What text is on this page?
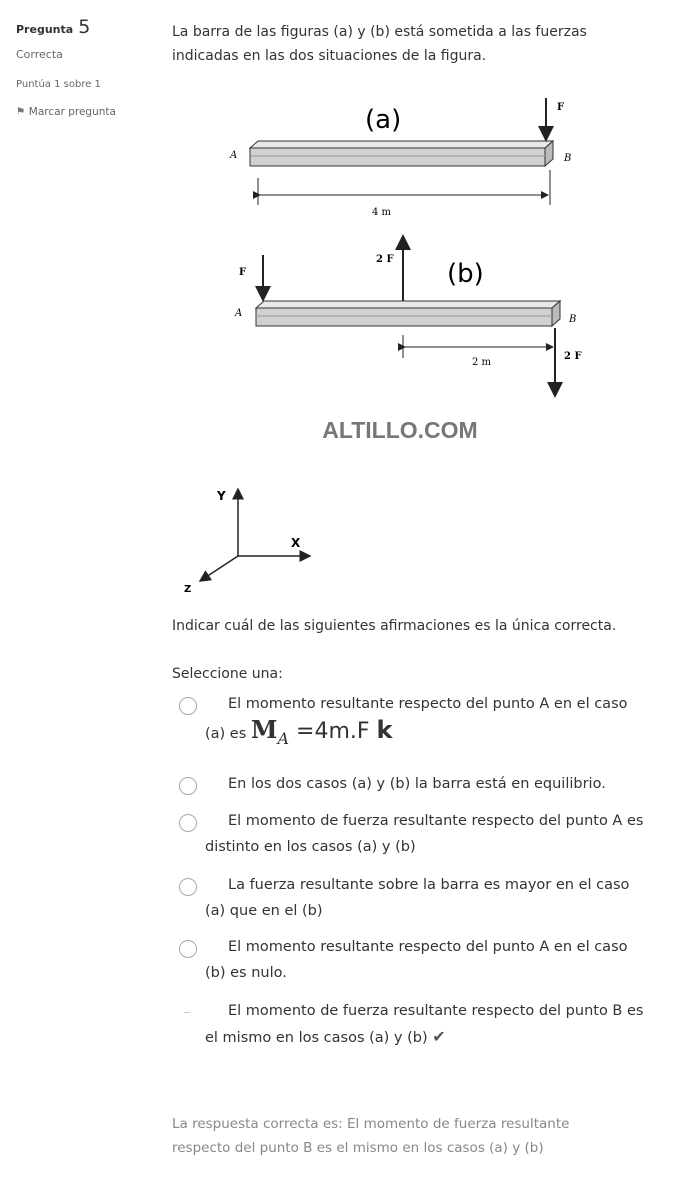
Pregunta 5
Correcta
Puntúa 1 sobre 1
⚑ Marcar pregunta
La barra de las figuras (a) y (b) está sometida a las fuerzas indicadas en las dos situaciones de la figura.
(a)
A	B
F
4 m
2 F (b)
F
A
B
2 m
2 F
ALTILLO.COM
Y
X
Z
Indicar cuál de las siguientes afirmaciones es la única correcta.
Seleccione una:
El momento resultante respecto del punto A en el caso (a) es $M_A =4m.F$ k
En los dos casos (a) y (b) la barra está en equilibrio.
El momento de fuerza resultante respecto del punto A es distinto en los casos (a) y (b)
La fuerza resultante sobre la barra es mayor en el caso (a) que en el (b)
El momento resultante respecto del punto A en el caso (b) es nulo.
El momento de fuerza resultante respecto del punto B es el mismo en los casos (a) y (b) ✔
La respuesta correcta es: El momento de fuerza resultante respecto del punto B es el mismo en los casos (a) y (b)
